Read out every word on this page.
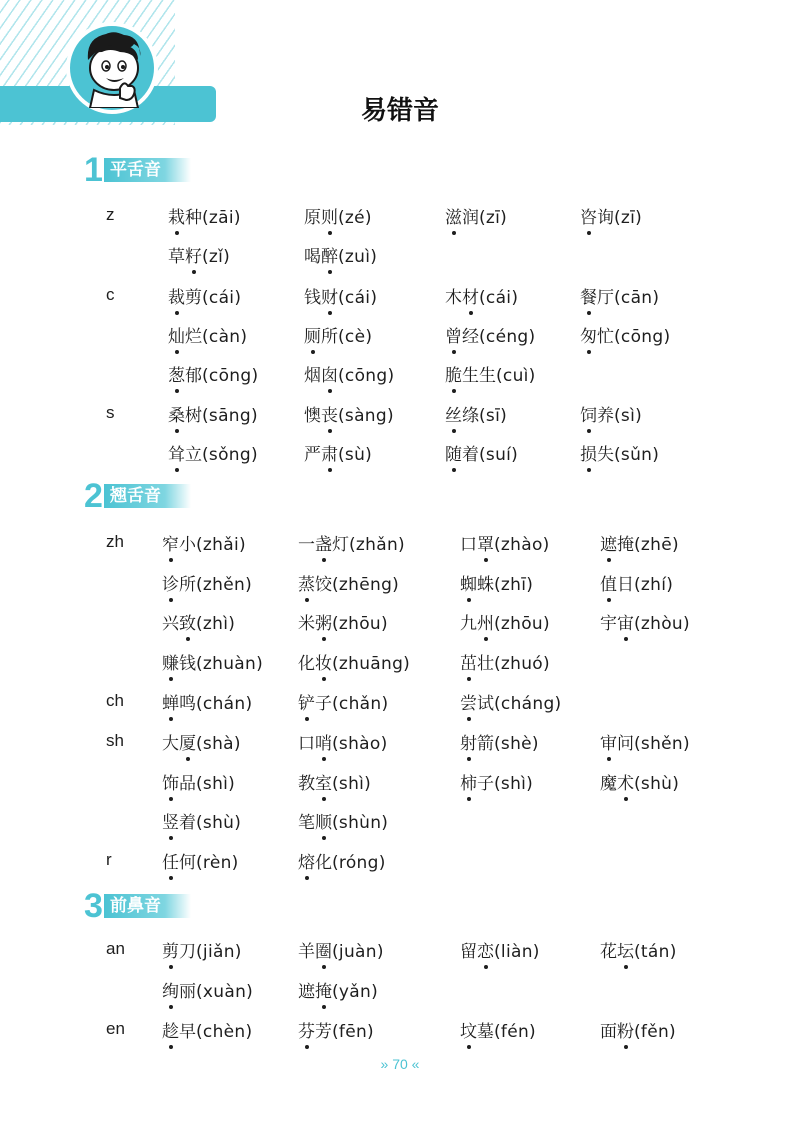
易错音
1 平舌音
z	栽种(zāi)	原则(zé)	滋润(zī)	咨询(zī)
草籽(zǐ)	喝醉(zuì)
c	裁剪(cái)	钱财(cái)	木材(cái)	餐厅(cān)
灿烂(càn)	厕所(cè)	曾经(céng)	匆忙(cōng)
葱郁(cōng)	烟囱(cōng)	脆生生(cuì)
s	桑树(sāng)	懊丧(sàng)	丝绦(sī)	饲养(sì)
耸立(sǒng)	严肃(sù)	随着(suí)	损失(sǔn)
2 翘舌音
zh 窄小(zhǎi)	一盏灯(zhǎn)	口罩(zhào)	遮掩(zhē)
诊所(zhěn)	蒸饺(zhēng)	蜘蛛(zhī)	值日(zhí)
兴致(zhì)	米粥(zhōu)	九州(zhōu)	宇宙(zhòu)
赚钱(zhuàn) 化妆(zhuāng)	茁壮(zhuó)
ch 蝉鸣(chán)	铲子(chǎn)	尝试(cháng)
sh 大厦(shà)	口哨(shào)	射箭(shè)	审问(shěn)
饰品(shì)	教室(shì)	柿子(shì)	魔术(shù)
竖着(shù)	笔顺(shùn)
r	任何(rèn)	熔化(róng)
3 前鼻音
an 剪刀(jiǎn)	羊圈(juàn)	留恋(liàn)	花坛(tán)
绚丽(xuàn)	遮掩(yǎn)
en 趁早(chèn)	芬芳(fēn)	坟墓(fén)	面粉(fěn)
» 70 «
